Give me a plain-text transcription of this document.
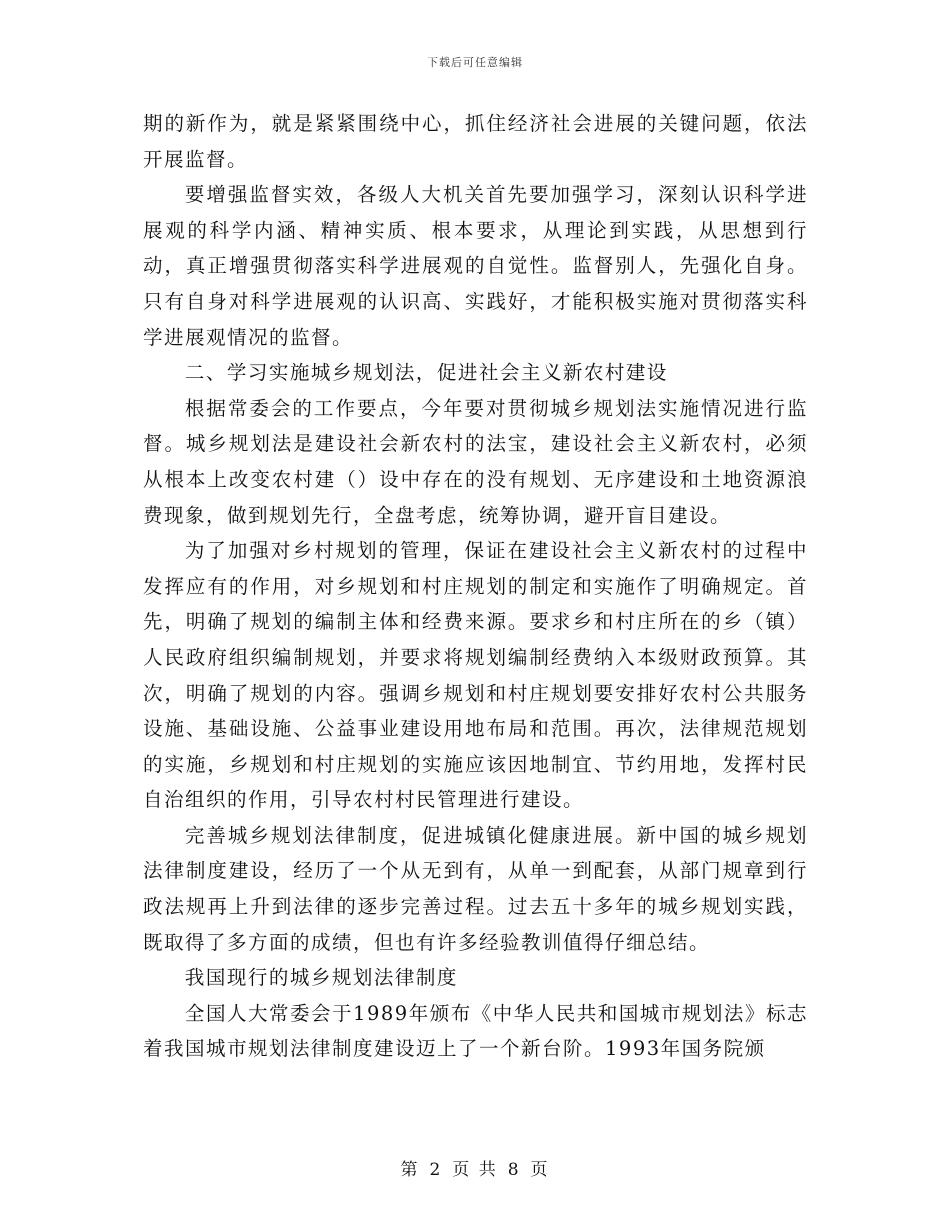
下载后可任意编辑

期的新作为，就是紧紧围绕中心，抓住经济社会进展的关键问题，依法开展监督。

要增强监督实效，各级人大机关首先要加强学习，深刻认识科学进展观的科学内涵、精神实质、根本要求，从理论到实践，从思想到行动，真正增强贯彻落实科学进展观的自觉性。监督别人，先强化自身。只有自身对科学进展观的认识高、实践好，才能积极实施对贯彻落实科学进展观情况的监督。

二、学习实施城乡规划法，促进社会主义新农村建设

根据常委会的工作要点，今年要对贯彻城乡规划法实施情况进行监督。城乡规划法是建设社会新农村的法宝，建设社会主义新农村，必须从根本上改变农村建（）设中存在的没有规划、无序建设和土地资源浪费现象，做到规划先行，全盘考虑，统筹协调，避开盲目建设。

为了加强对乡村规划的管理，保证在建设社会主义新农村的过程中发挥应有的作用，对乡规划和村庄规划的制定和实施作了明确规定。首先，明确了规划的编制主体和经费来源。要求乡和村庄所在的乡（镇）人民政府组织编制规划，并要求将规划编制经费纳入本级财政预算。其次，明确了规划的内容。强调乡规划和村庄规划要安排好农村公共服务设施、基础设施、公益事业建设用地布局和范围。再次，法律规范规划的实施，乡规划和村庄规划的实施应该因地制宜、节约用地，发挥村民自治组织的作用，引导农村村民管理进行建设。

完善城乡规划法律制度，促进城镇化健康进展。新中国的城乡规划法律制度建设，经历了一个从无到有，从单一到配套，从部门规章到行政法规再上升到法律的逐步完善过程。过去五十多年的城乡规划实践，既取得了多方面的成绩，但也有许多经验教训值得仔细总结。

我国现行的城乡规划法律制度

全国人大常委会于1989年颁布《中华人民共和国城市规划法》标志着我国城市规划法律制度建设迈上了一个新台阶。1993年国务院颁

第 2 页 共 8 页
